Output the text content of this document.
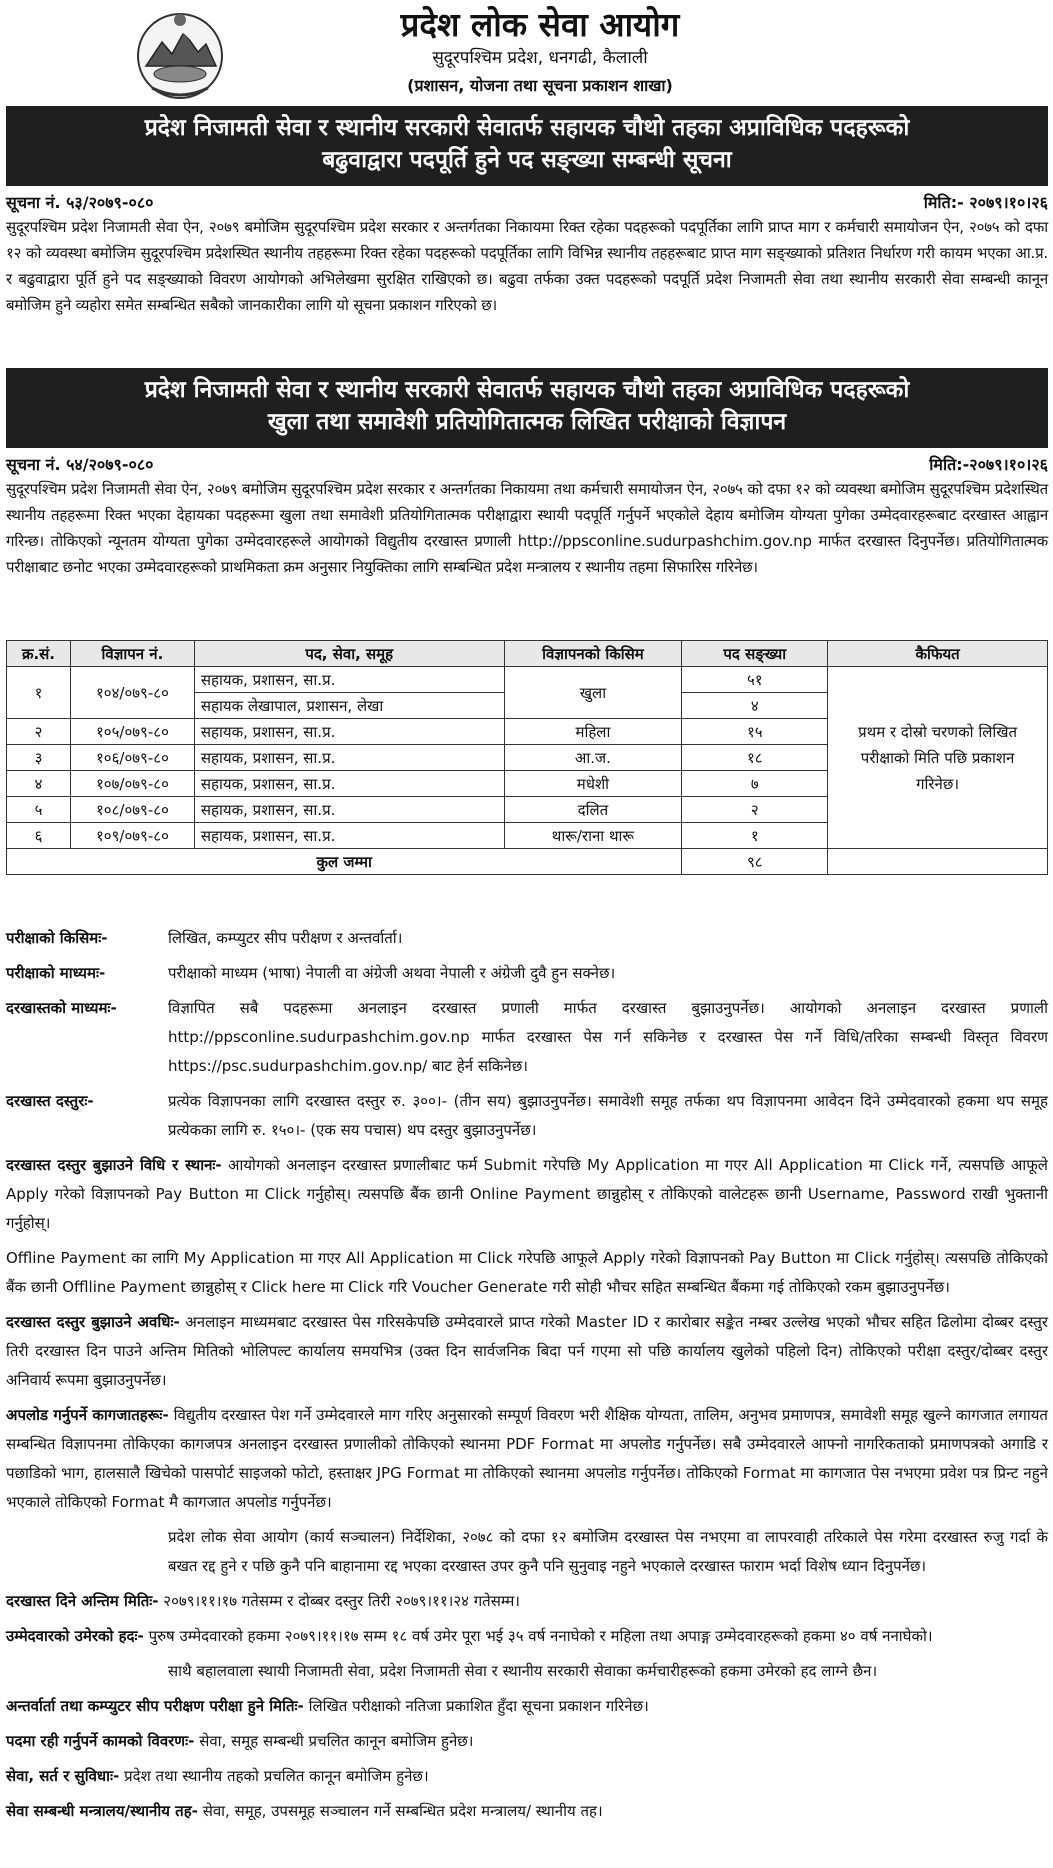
प्रदेश लोक सेवा आयोग
सुदूरपश्चिम प्रदेश, धनगढी, कैलाली
(प्रशासन, योजना तथा सूचना प्रकाशन शाखा)
प्रदेश निजामती सेवा र स्थानीय सरकारी सेवातर्फ सहायक चौथो तहका अप्राविधिक पदहरूको
बढुवाद्वारा पदपूर्ति हुने पद सङ्ख्या सम्बन्धी सूचना
सूचना नं. ५३/२०७९-०८०	मिति:- २०७९।१०।२६
सुदूरपश्चिम प्रदेश निजामती सेवा ऐन, २०७९ बमोजिम सुदूरपश्चिम प्रदेश सरकार र अन्तर्गतका निकायमा रिक्त रहेका पदहरूको पदपूर्तिका लागि प्राप्त माग र कर्मचारी समायोजन ऐन, २०७५ को दफा १२ को व्यवस्था बमोजिम सुदूरपश्चिम प्रदेशस्थित स्थानीय तहहरूमा रिक्त रहेका पदहरूको पदपूर्तिका लागि विभिन्न स्थानीय तहहरूबाट प्राप्त माग सङ्ख्याको प्रतिशत निर्धारण गरी कायम भएका आ.प्र. र बढुवाद्वारा पूर्ति हुने पद सङ्ख्याको विवरण आयोगको अभिलेखमा सुरक्षित राखिएको छ। बढुवा तर्फका उक्त पदहरूको पदपूर्ति प्रदेश निजामती सेवा तथा स्थानीय सरकारी सेवा सम्बन्धी कानून बमोजिम हुने व्यहोरा समेत सम्बन्धित सबैको जानकारीका लागि यो सूचना प्रकाशन गरिएको छ।
प्रदेश निजामती सेवा र स्थानीय सरकारी सेवातर्फ सहायक चौथो तहका अप्राविधिक पदहरूको
खुला तथा समावेशी प्रतियोगितात्मक लिखित परीक्षाको विज्ञापन
सूचना नं. ५४/२०७९-०८०	मिति:-२०७९।१०।२६
सुदूरपश्चिम प्रदेश निजामती सेवा ऐन, २०७९ बमोजिम सुदूरपश्चिम प्रदेश सरकार र अन्तर्गतका निकायमा तथा कर्मचारी समायोजन ऐन, २०७५ को दफा १२ को व्यवस्था बमोजिम सुदूरपश्चिम प्रदेशस्थित स्थानीय तहहरूमा रिक्त भएका देहायका पदहरूमा खुला तथा समावेशी प्रतियोगितात्मक परीक्षाद्वारा स्थायी पदपूर्ति गर्नुपर्ने भएकोले देहाय बमोजिम योग्यता पुगेका उम्मेदवारहरूबाट दरखास्त आह्वान गरिन्छ। तोकिएको न्यूनतम योग्यता पुगेका उम्मेदवारहरूले आयोगको विद्युतीय दरखास्त प्रणाली http://ppsconline.sudurpashchim.gov.np मार्फत दरखास्त दिनुपर्नेछ। प्रतियोगितात्मक परीक्षाबाट छनोट भएका उम्मेदवारहरूको प्राथमिकता क्रम अनुसार नियुक्तिका लागि सम्बन्धित प्रदेश मन्त्रालय र स्थानीय तहमा सिफारिस गरिनेछ।
क्र.सं.	विज्ञापन नं.	पद, सेवा, समूह	विज्ञापनको किसिम	पद सङ्ख्या	कैफियत
१	१०४/०७९-८०	सहायक, प्रशासन, सा.प्र.	खुला	५१	प्रथम र दोस्रो चरणको लिखित परीक्षाको मिति पछि प्रकाशन गरिनेछ।
		सहायक लेखापाल, प्रशासन, लेखा		४	
२	१०५/०७९-८०	सहायक, प्रशासन, सा.प्र.	महिला	१५	
३	१०६/०७९-८०	सहायक, प्रशासन, सा.प्र.	आ.ज.	१८	
४	१०७/०७९-८०	सहायक, प्रशासन, सा.प्र.	मधेशी	७	
५	१०८/०७९-८०	सहायक, प्रशासन, सा.प्र.	दलित	२	
६	१०९/०७९-८०	सहायक, प्रशासन, सा.प्र.	थारू/राना थारू	१	
कुल जम्मा				९८	
परीक्षाको किसिमः-	लिखित, कम्प्युटर सीप परीक्षण र अन्तर्वार्ता।
परीक्षाको माध्यमः-	परीक्षाको माध्यम (भाषा) नेपाली वा अंग्रेजी अथवा नेपाली र अंग्रेजी दुवै हुन सक्नेछ।
दरखास्तको माध्यमः-	विज्ञापित सबै पदहरूमा अनलाइन दरखास्त प्रणाली मार्फत दरखास्त बुझाउनुपर्नेछ। आयोगको अनलाइन दरखास्त प्रणाली http://ppsconline.sudurpashchim.gov.np मार्फत दरखास्त पेस गर्न सकिनेछ र दरखास्त पेस गर्ने विधि/तरिका सम्बन्धी विस्तृत विवरण https://psc.sudurpashchim.gov.np/ बाट हेर्न सकिनेछ।
दरखास्त दस्तुरः-	प्रत्येक विज्ञापनका लागि दरखास्त दस्तुर रु. ३००।- (तीन सय) बुझाउनुपर्नेछ। समावेशी समूह तर्फका थप विज्ञापनमा आवेदन दिने उम्मेदवारको हकमा थप समूह प्रत्येकका लागि रु. १५०।- (एक सय पचास) थप दस्तुर बुझाउनुपर्नेछ।
दरखास्त दस्तुर बुझाउने विधि र स्थानः- आयोगको अनलाइन दरखास्त प्रणालीबाट फर्म Submit गरेपछि My Application मा गएर All Application मा Click गर्ने, त्यसपछि आफूले Apply गरेको विज्ञापनको Pay Button मा Click गर्नुहोस्। त्यसपछि बैंक छानी Online Payment छान्नुहोस् र तोकिएको वालेटहरू छानी Username, Password राखी भुक्तानी गर्नुहोस्।
Offline Payment का लागि My Application मा गएर All Application मा Click गरेपछि आफूले Apply गरेको विज्ञापनको Pay Button मा Click गर्नुहोस्। त्यसपछि तोकिएको बैंक छानी Offlline Payment छान्नुहोस् र Click here मा Click गरि Voucher Generate गरी सोही भौचर सहित सम्बन्धित बैंकमा गई तोकिएको रकम बुझाउनुपर्नेछ।
दरखास्त दस्तुर बुझाउने अवधिः- अनलाइन माध्यमबाट दरखास्त पेस गरिसकेपछि उम्मेदवारले प्राप्त गरेको Master ID र कारोबार सङ्केत नम्बर उल्लेख भएको भौचर सहित ढिलोमा दोब्बर दस्तुर तिरी दरखास्त दिन पाउने अन्तिम मितिको भोलिपल्ट कार्यालय समयभित्र (उक्त दिन सार्वजनिक बिदा पर्न गएमा सो पछि कार्यालय खुलेको पहिलो दिन) तोकिएको परीक्षा दस्तुर/दोब्बर दस्तुर अनिवार्य रूपमा बुझाउनुपर्नेछ।
अपलोड गर्नुपर्ने कागजातहरूः- विद्युतीय दरखास्त पेश गर्ने उम्मेदवारले माग गरिए अनुसारको सम्पूर्ण विवरण भरी शैक्षिक योग्यता, तालिम, अनुभव प्रमाणपत्र, समावेशी समूह खुल्ने कागजात लगायत सम्बन्धित विज्ञापनमा तोकिएका कागजपत्र अनलाइन दरखास्त प्रणालीको तोकिएको स्थानमा PDF Format मा अपलोड गर्नुपर्नेछ। सबै उम्मेदवारले आफ्नो नागरिकताको प्रमाणपत्रको अगाडि र पछाडिको भाग, हालसालै खिचेको पासपोर्ट साइजको फोटो, हस्ताक्षर JPG Format मा तोकिएको स्थानमा अपलोड गर्नुपर्नेछ। तोकिएको Format मा कागजात पेस नभएमा प्रवेश पत्र प्रिन्ट नहुने भएकाले तोकिएको Format मै कागजात अपलोड गर्नुपर्नेछ।
प्रदेश लोक सेवा आयोग (कार्य सञ्चालन) निर्देशिका, २०७८ को दफा १२ बमोजिम दरखास्त पेस नभएमा वा लापरवाही तरिकाले पेस गरेमा दरखास्त रुजु गर्दा के बखत रद्द हुने र पछि कुनै पनि बाहानामा रद्द भएका दरखास्त उपर कुनै पनि सुनुवाइ नहुने भएकाले दरखास्त फाराम भर्दा विशेष ध्यान दिनुपर्नेछ।
दरखास्त दिने अन्तिम मितिः- २०७९।११।१७ गतेसम्म र दोब्बर दस्तुर तिरी २०७९।११।२४ गतेसम्म।
उम्मेदवारको उमेरको हदः- पुरुष उम्मेदवारको हकमा २०७९।११।१७ सम्म १८ वर्ष उमेर पूरा भई ३५ वर्ष ननाघेको र महिला तथा अपाङ्ग उम्मेदवारहरूको हकमा ४० वर्ष ननाघेको।
साथै बहालवाला स्थायी निजामती सेवा, प्रदेश निजामती सेवा र स्थानीय सरकारी सेवाका कर्मचारीहरूको हकमा उमेरको हद लाग्ने छैन।
अन्तर्वार्ता तथा कम्प्युटर सीप परीक्षण परीक्षा हुने मितिः- लिखित परीक्षाको नतिजा प्रकाशित हुँदा सूचना प्रकाशन गरिनेछ।
पदमा रही गर्नुपर्ने कामको विवरणः- सेवा, समूह सम्बन्धी प्रचलित कानून बमोजिम हुनेछ।
सेवा, सर्त र सुविधाः- प्रदेश तथा स्थानीय तहको प्रचलित कानून बमोजिम हुनेछ।
सेवा सम्बन्धी मन्त्रालय/स्थानीय तह- सेवा, समूह, उपसमूह सञ्चालन गर्ने सम्बन्धित प्रदेश मन्त्रालय/ स्थानीय तह।
